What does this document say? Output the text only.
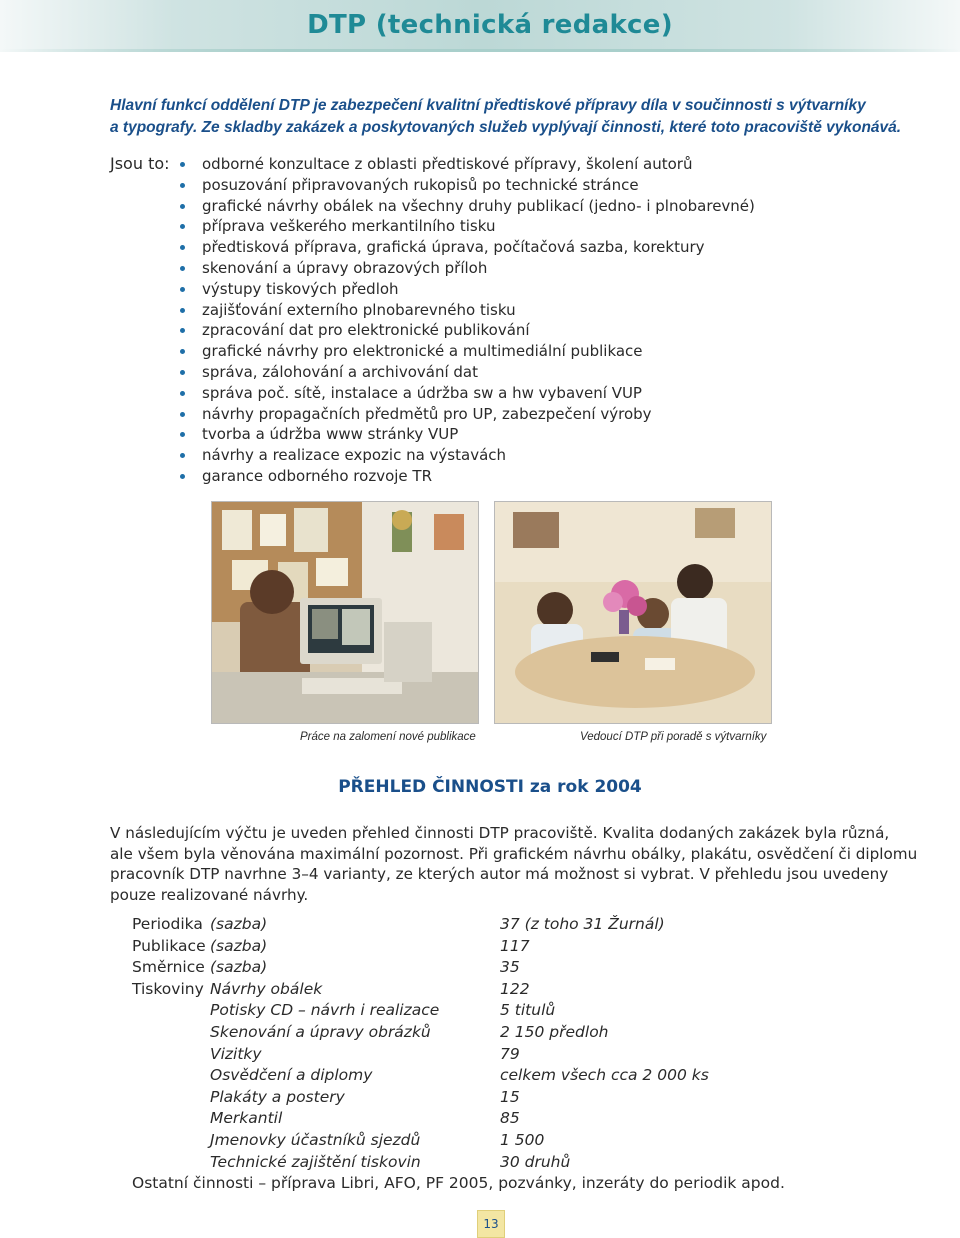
DTP (technická redakce)
Hlavní funkcí oddělení DTP je zabezpečení kvalitní předtiskové přípravy díla v součinnosti s výtvarníky
a typografy. Ze skladby zakázek a poskytovaných služeb vyplývají činnosti, které toto pracoviště vykonává.
Jsou to:	odborné konzultace z oblasti předtiskové přípravy, školení autorů
posuzování připravovaných rukopisů po technické stránce
grafické návrhy obálek na všechny druhy publikací (jedno- i plnobarevné)
příprava veškerého merkantilního tisku
předtisková příprava, grafická úprava, počítačová sazba, korektury
skenování a úpravy obrazových příloh
výstupy tiskových předloh
zajišťování externího plnobarevného tisku
zpracování dat pro elektronické publikování
grafické návrhy pro elektronické a multimediální publikace
správa, zálohování a archivování dat
správa poč. sítě, instalace a údržba sw a hw vybavení VUP
návrhy propagačních předmětů pro UP, zabezpečení výroby
tvorba a údržba www stránky VUP
návrhy a realizace expozic na výstavách
garance odborného rozvoje TR
Práce na zalomení nové publikace	Vedoucí DTP při poradě s výtvarníky
PŘEHLED ČINNOSTI za rok 2004
V následujícím výčtu je uveden přehled činnosti DTP pracoviště. Kvalita dodaných zakázek byla různá,
ale všem byla věnována maximální pozornost. Při grafickém návrhu obálky, plakátu, osvědčení či diplomu
pracovník DTP navrhne 3–4 varianty, ze kterých autor má možnost si vybrat. V přehledu jsou uvedeny
pouze realizované návrhy.
Periodika (sazba)	37 (z toho 31 Žurnál)
Publikace (sazba)	117
Směrnice (sazba)	35
Tiskoviny Návrhy obálek	122
Potisky CD – návrh i realizace	5 titulů
Skenování a úpravy obrázků	2 150 předloh
Vizitky	79
Osvědčení a diplomy	celkem všech cca 2 000 ks
Plakáty a postery	15
Merkantil	85
Jmenovky účastníků sjezdů	1 500
Technické zajištění tiskovin	30 druhů
Ostatní činnosti – příprava Libri, AFO, PF 2005, pozvánky, inzeráty do periodik apod.
13
